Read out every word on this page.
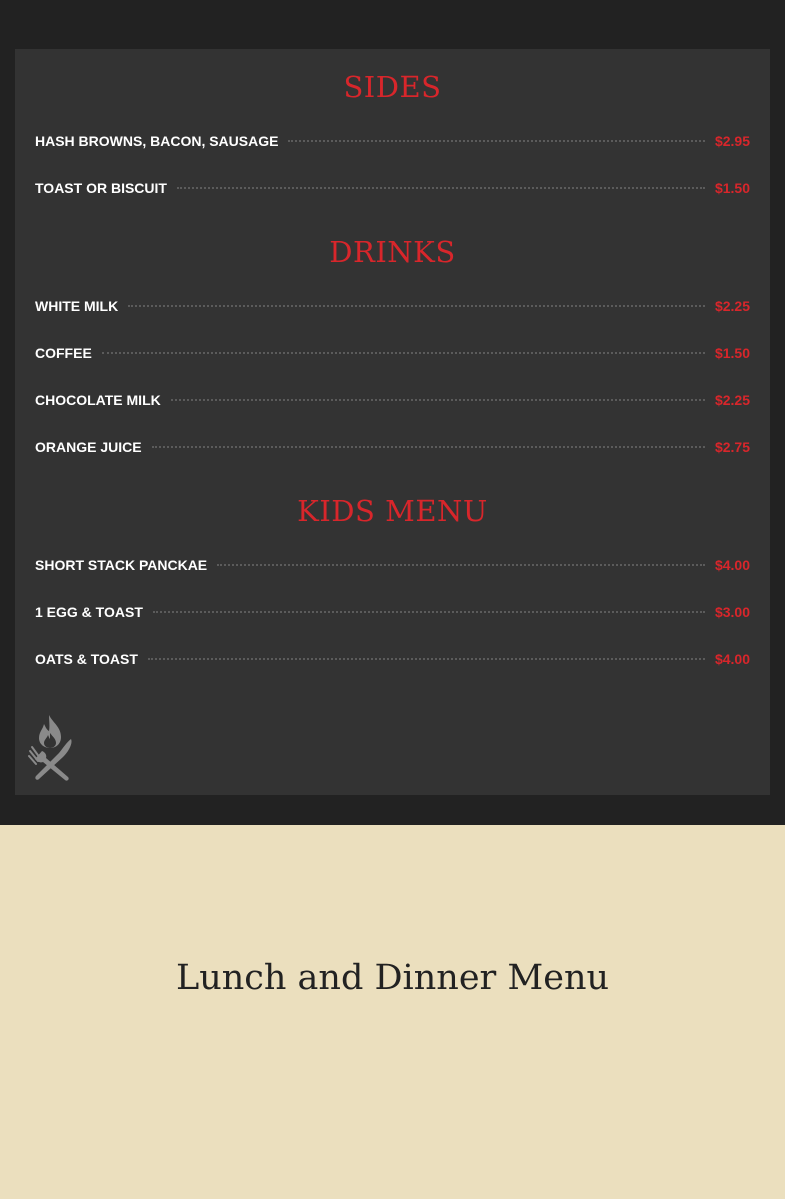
SIDES
HASH BROWNS, BACON, SAUSAGE	$2.95
TOAST OR BISCUIT	$1.50
DRINKS
WHITE MILK	$2.25
COFFEE	$1.50
CHOCOLATE MILK	$2.25
ORANGE JUICE	$2.75
KIDS MENU
SHORT STACK PANCKAE	$4.00
1 EGG & TOAST	$3.00
OATS & TOAST	$4.00
Lunch and Dinner Menu
